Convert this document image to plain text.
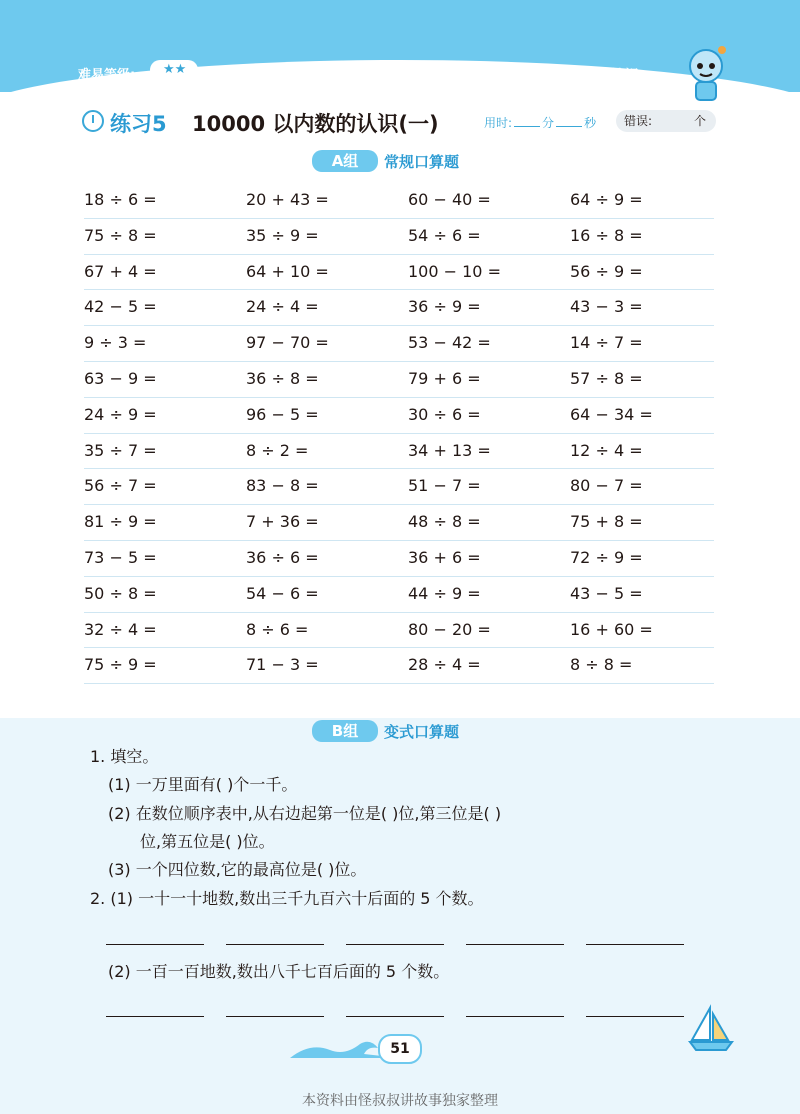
难易等级: ★★	第7单元 万以内数的认识
练习5 10000 以内数的认识(一)	用时:	分	秒	错误:	个
A组	常规口算题
18 ÷ 6 =	20 + 43 =	60 − 40 =	64 ÷ 9 =
75 ÷ 8 =	35 ÷ 9 =	54 ÷ 6 =	16 ÷ 8 =
67 + 4 =	64 + 10 =	100 − 10 =	56 ÷ 9 =
42 − 5 =	24 ÷ 4 =	36 ÷ 9 =	43 − 3 =
9 ÷ 3 =	97 − 70 =	53 − 42 =	14 ÷ 7 =
63 − 9 =	36 ÷ 8 =	79 + 6 =	57 ÷ 8 =
24 ÷ 9 =	96 − 5 =	30 ÷ 6 =	64 − 34 =
35 ÷ 7 =	8 ÷ 2 =	34 + 13 =	12 ÷ 4 =
56 ÷ 7 =	83 − 8 =	51 − 7 =	80 − 7 =
81 ÷ 9 =	7 + 36 =	48 ÷ 8 =	75 + 8 =
73 − 5 =	36 ÷ 6 =	36 + 6 =	72 ÷ 9 =
50 ÷ 8 =	54 − 6 =	44 ÷ 9 =	43 − 5 =
32 ÷ 4 =	8 ÷ 6 =	80 − 20 =	16 + 60 =
75 ÷ 9 =	71 − 3 =	28 ÷ 4 =	8 ÷ 8 =
B组	变式口算题
1. 填空。
(1) 一万里面有( )个一千。
(2) 在数位顺序表中,从右边起第一位是( )位,第三位是( )
位,第五位是( )位。
(3) 一个四位数,它的最高位是( )位。
2. (1) 一十一十地数,数出三千九百六十后面的 5 个数。
(2) 一百一百地数,数出八千七百后面的 5 个数。
51
本资料由怪叔叔讲故事独家整理
